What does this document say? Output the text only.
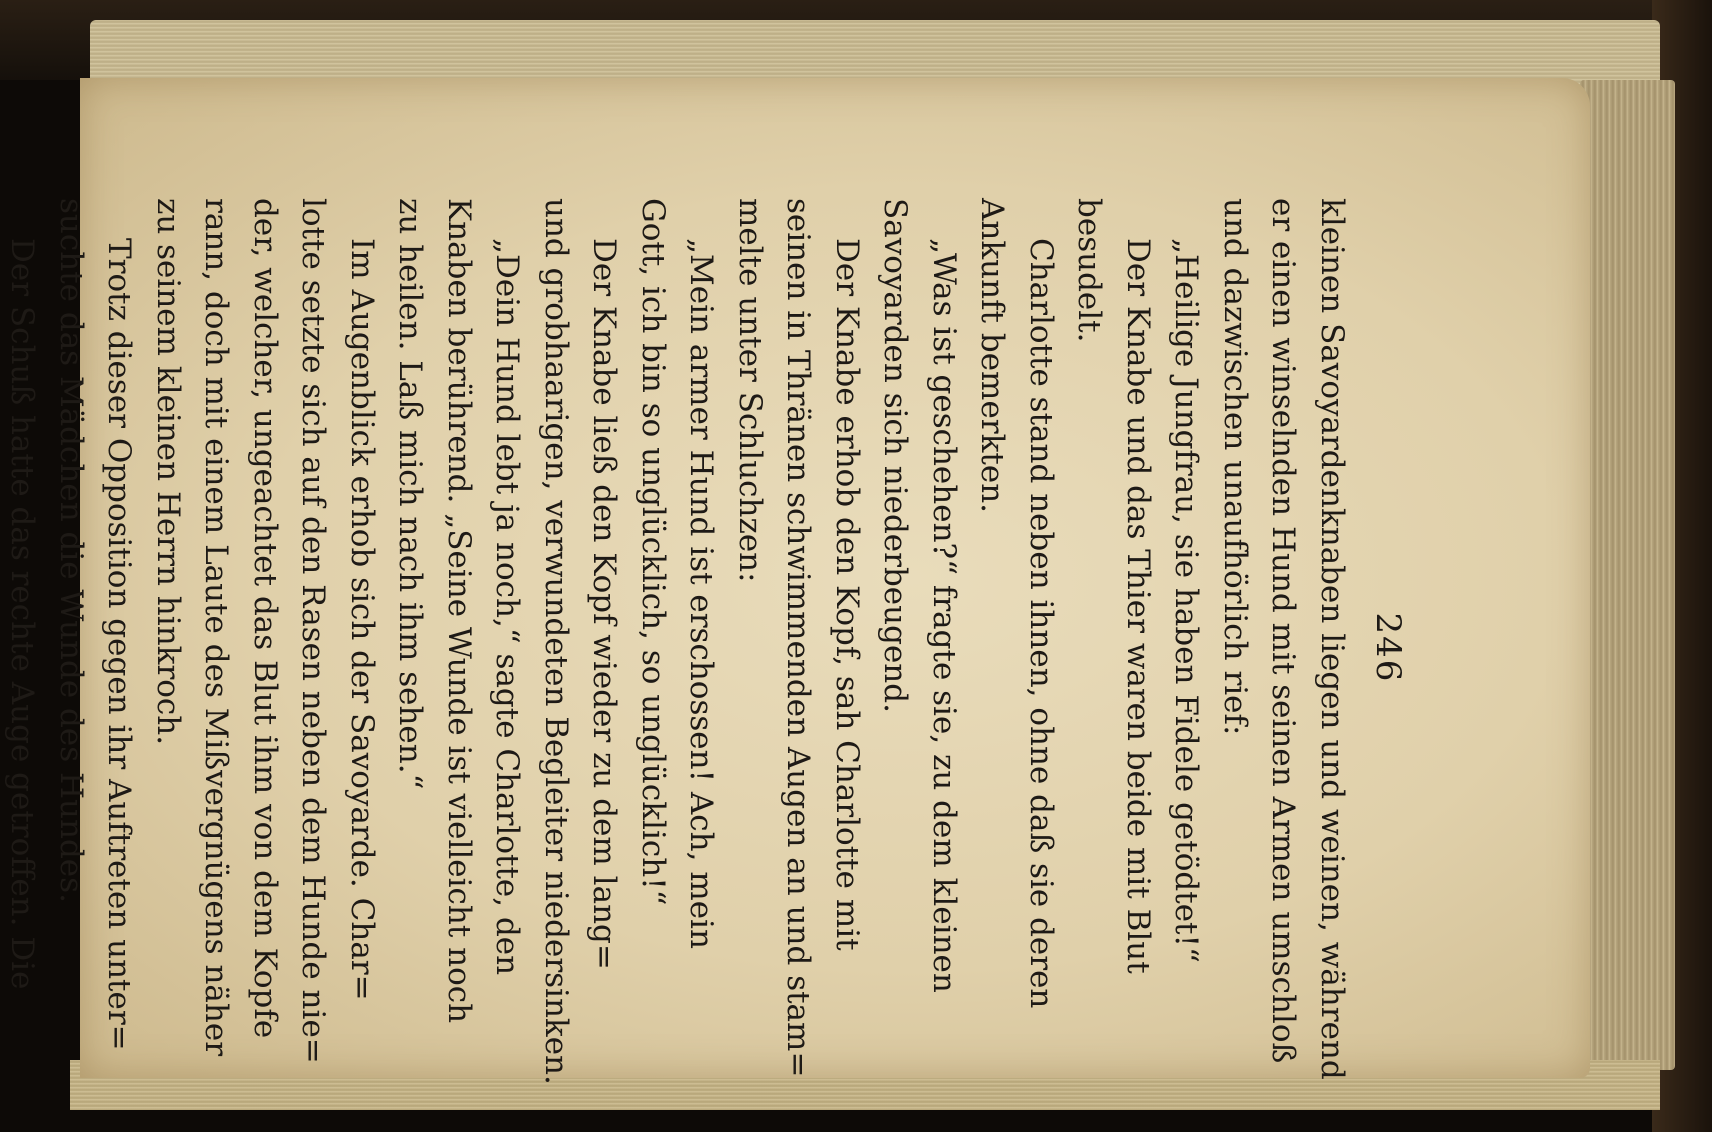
246
kleinen Savoyardenknaben liegen und weinen, während
er einen winselnden Hund mit seinen Armen umschloß
und dazwischen unaufhörlich rief:
„Heilige Jungfrau, sie haben Fidele getödtet!“
Der Knabe und das Thier waren beide mit Blut
besudelt.
Charlotte stand neben ihnen, ohne daß sie deren
Ankunft bemerkten.
„Was ist geschehen?“ fragte sie, zu dem kleinen
Savoyarden sich niederbeugend.
Der Knabe erhob den Kopf, sah Charlotte mit
seinen in Thränen schwimmenden Augen an und stam=
melte unter Schluchzen:
„Mein armer Hund ist erschossen! Ach, mein
Gott, ich bin so unglücklich, so unglücklich!“
Der Knabe ließ den Kopf wieder zu dem lang=
und grobhaarigen, verwundeten Begleiter niedersinken.
„Dein Hund lebt ja noch,“ sagte Charlotte, den
Knaben berührend. „Seine Wunde ist vielleicht noch
zu heilen. Laß mich nach ihm sehen.“
Im Augenblick erhob sich der Savoyarde. Char=
lotte setzte sich auf den Rasen neben dem Hunde nie=
der, welcher, ungeachtet das Blut ihm von dem Kopfe
rann, doch mit einem Laute des Mißvergnügens näher
zu seinem kleinen Herrn hinkroch.
Trotz dieser Opposition gegen ihr Auftreten unter=
suchte das Mädchen die Wunde des Hundes.
Der Schuß hatte das rechte Auge getroffen. Die
